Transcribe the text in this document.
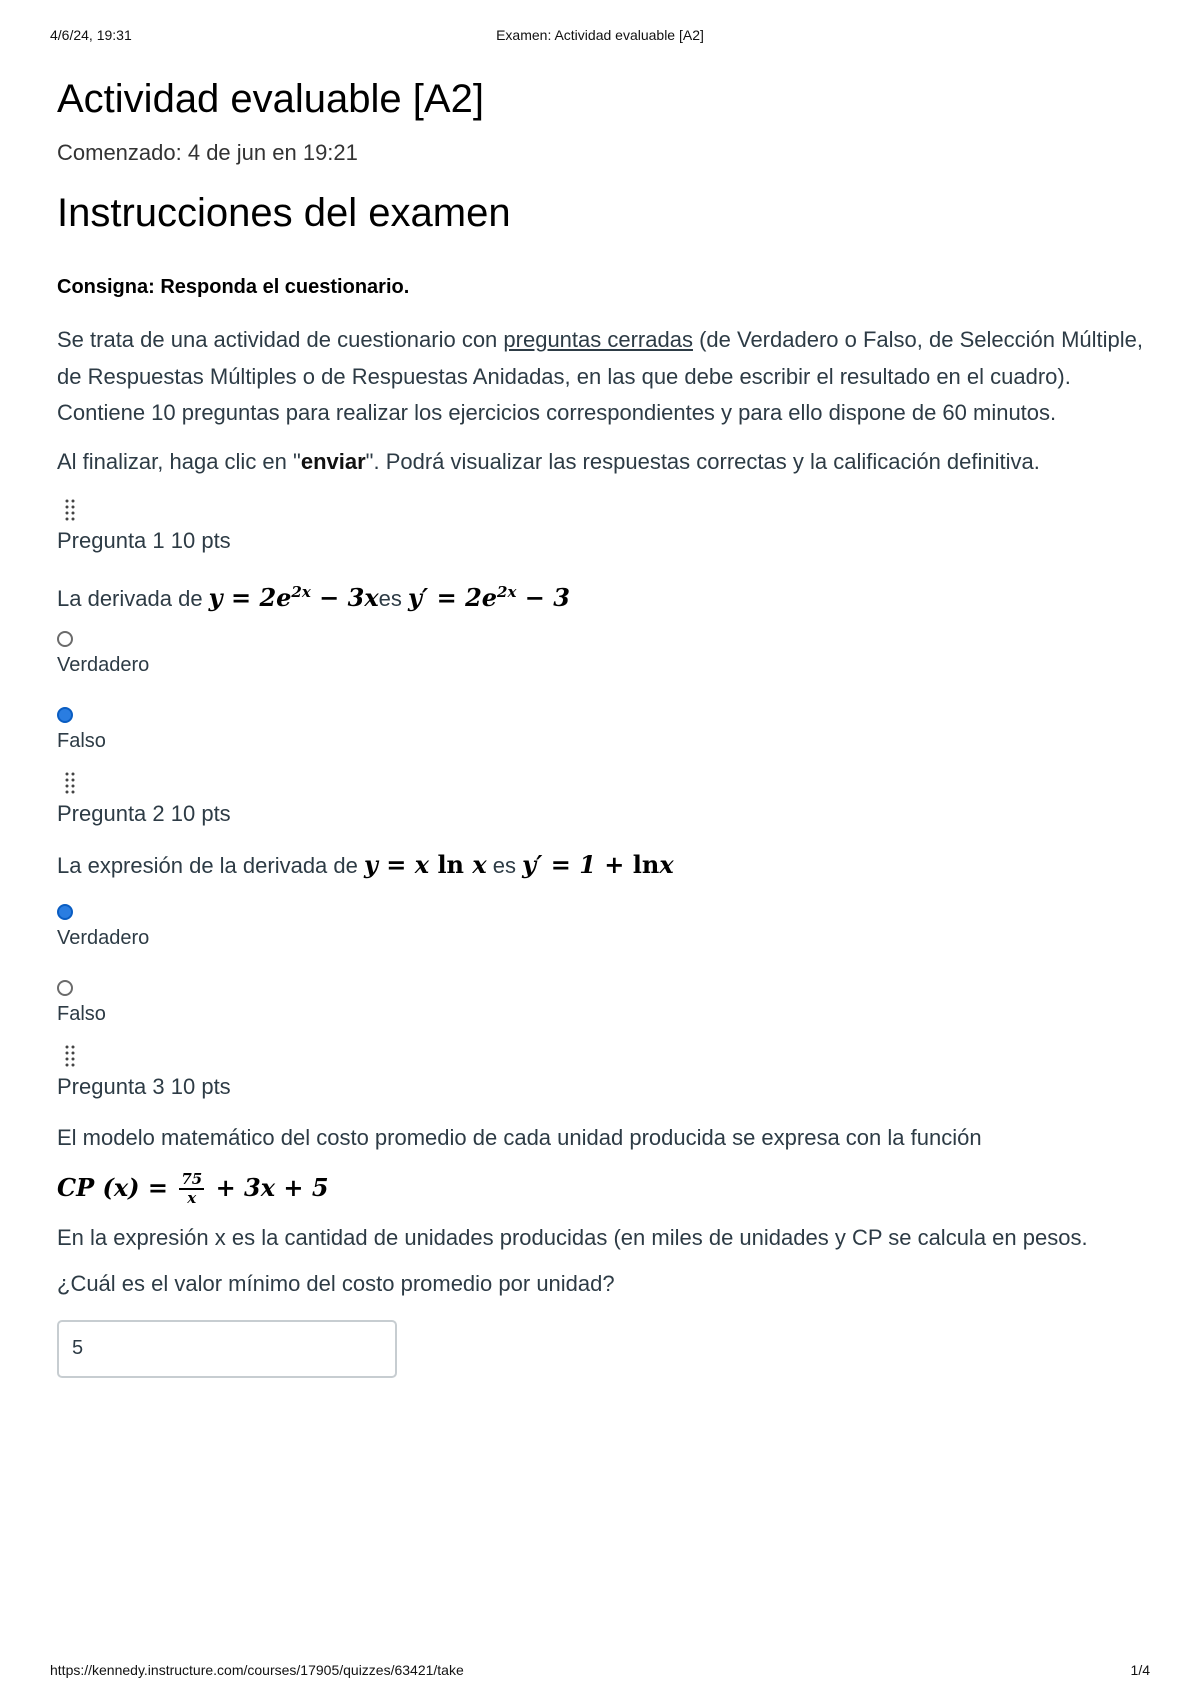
4/6/24, 19:31	Examen: Actividad evaluable [A2]
Actividad evaluable [A2]

Comenzado: 4 de jun en 19:21

Instrucciones del examen

Consigna: Responda el cuestionario.

Se trata de una actividad de cuestionario con preguntas cerradas (de Verdadero o Falso, de Selección Múltiple, de Respuestas Múltiples o de Respuestas Anidadas, en las que debe escribir el resultado en el cuadro). Contiene 10 preguntas para realizar los ejercicios correspondientes y para ello dispone de 60 minutos.

Al finalizar, haga clic en "enviar". Podrá visualizar las respuestas correctas y la calificación definitiva.

Pregunta 1 10 pts
La derivada de $y = 2e^{2x} - 3xes$ $y' = 2e^{2x} - 3$
Verdadero
Falso
Pregunta 2 10 pts
La expresión de la derivada de y = x ln x es y′ = 1 + lnx
Verdadero
Falso
Pregunta 3 10 pts
El modelo matemático del costo promedio de cada unidad producida se expresa con la función
CP $(x) = \frac{75}{x} + 3x + 5$
En la expresión x es la cantidad de unidades producidas (en miles de unidades y CP se calcula en pesos.
¿Cuál es el valor mínimo del costo promedio por unidad?
5
https://kennedy.instructure.com/courses/17905/quizzes/63421/take	1/4
